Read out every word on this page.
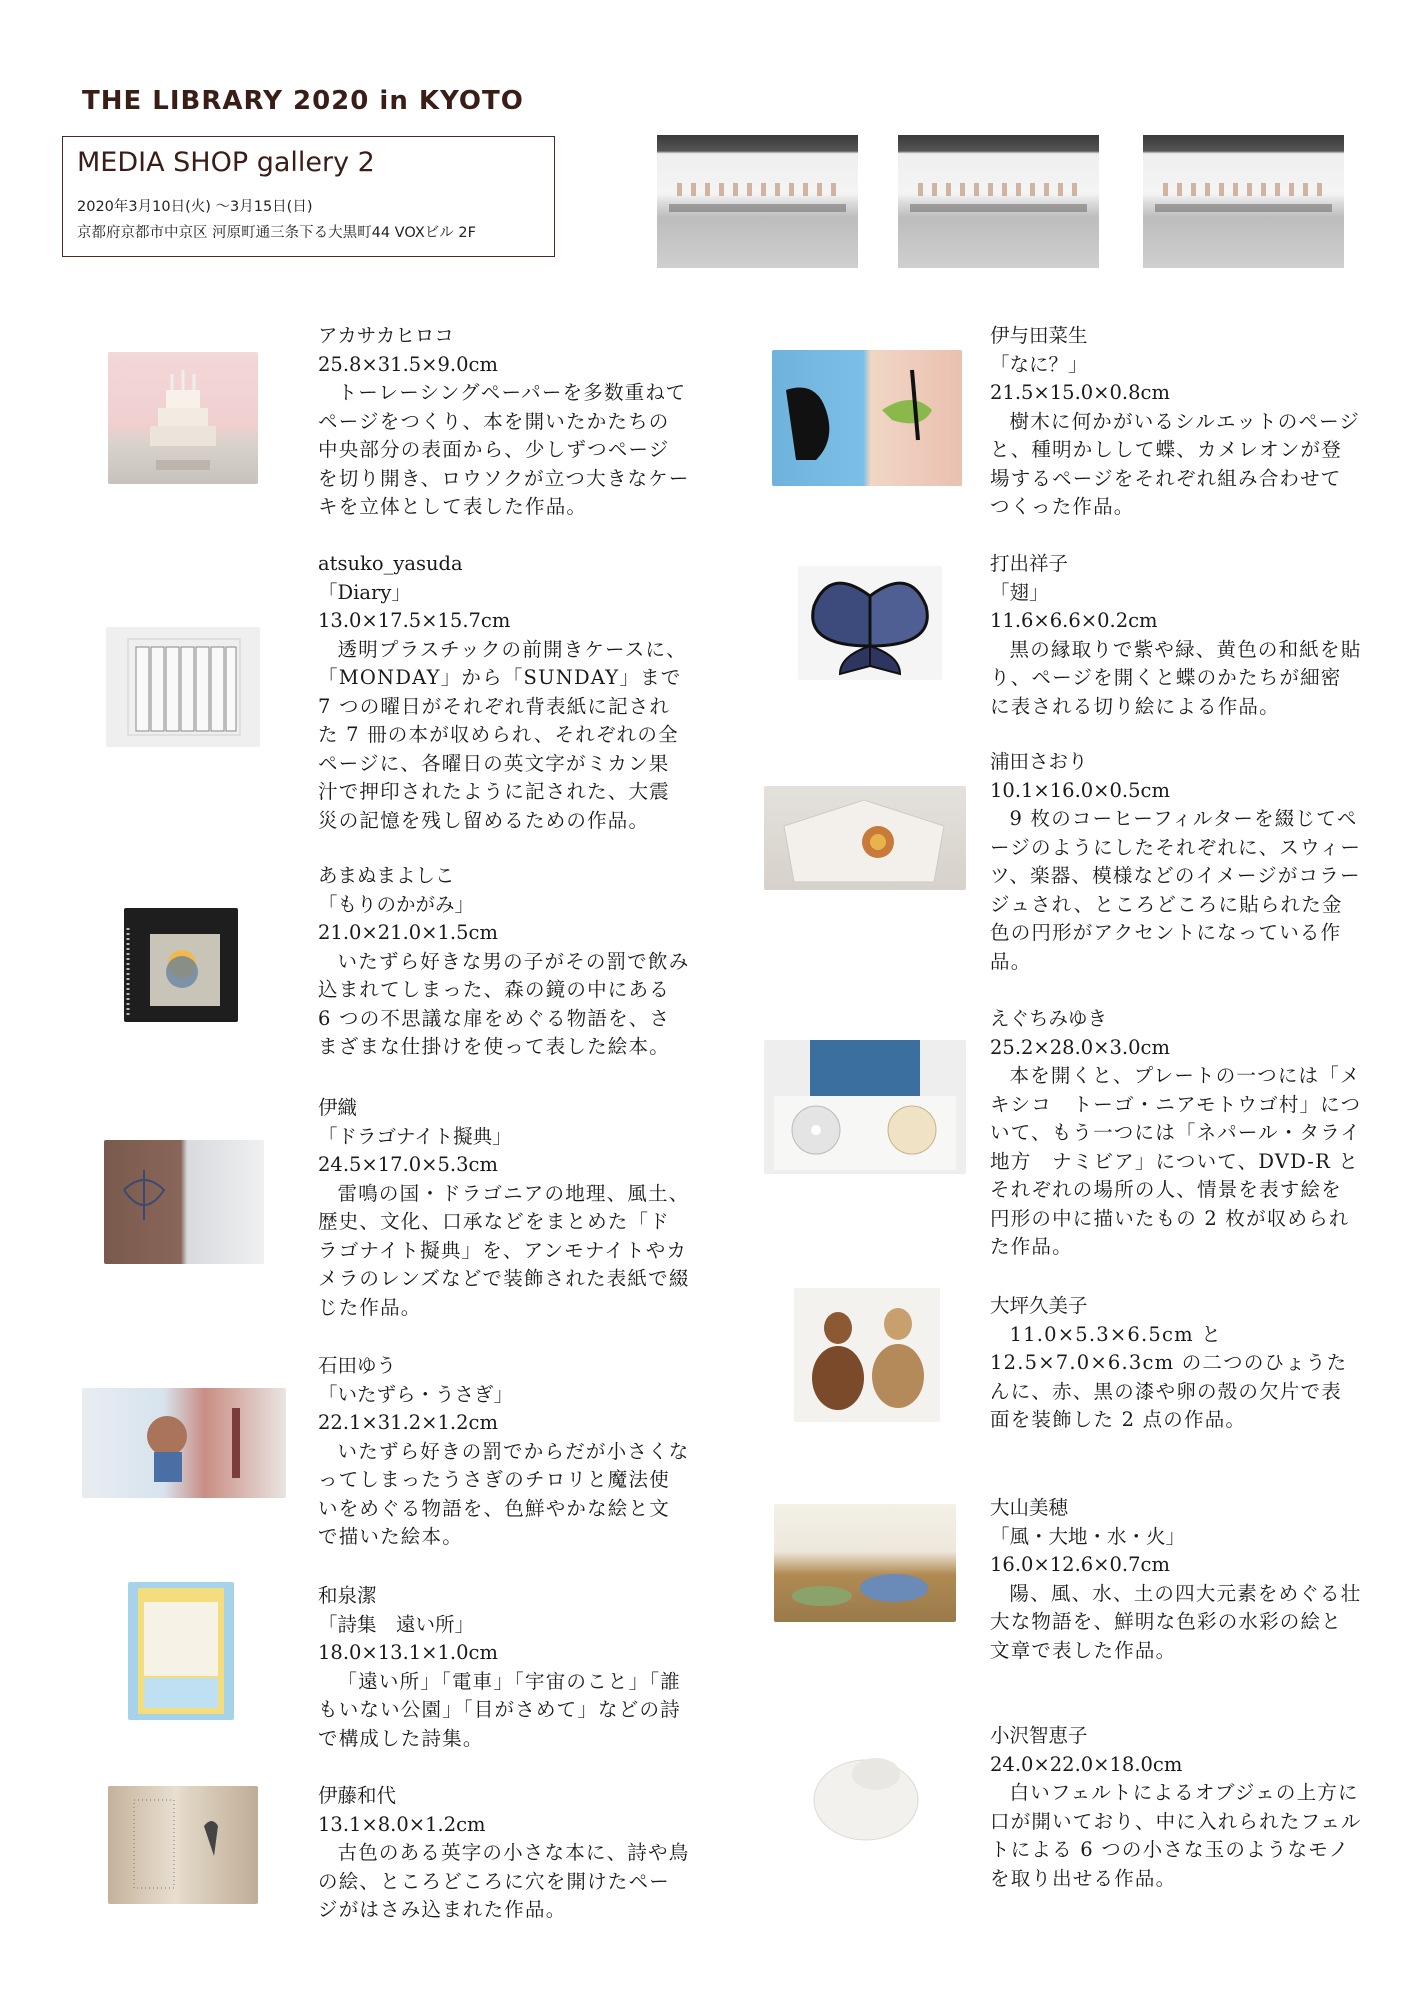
THE LIBRARY 2020 in KYOTO
MEDIA SHOP gallery 2
2020年3月10日(火) ～3月15日(日)
京都府京都市中京区 河原町通三条下る大黒町44 VOXビル 2F
アカサカヒロコ
25.8×31.5×9.0cm
トーレーシングペーパーを多数重ねてページをつくり、本を開いたかたちの中央部分の表面から、少しずつページを切り開き、ロウソクが立つ大きなケーキを立体として表した作品。
atsuko_yasuda
「Diary」
13.0×17.5×15.7cm
透明プラスチックの前開きケースに、「MONDAY」から「SUNDAY」まで 7 つの曜日がそれぞれ背表紙に記された 7 冊の本が収められ、それぞれの全ページに、各曜日の英文字がミカン果汁で押印されたように記された、大震災の記憶を残し留めるための作品。
あまぬまよしこ
「もりのかがみ」
21.0×21.0×1.5cm
いたずら好きな男の子がその罰で飲み込まれてしまった、森の鏡の中にある 6 つの不思議な扉をめぐる物語を、さまざまな仕掛けを使って表した絵本。
伊織
「ドラゴナイト擬典」
24.5×17.0×5.3cm
雷鳴の国・ドラゴニアの地理、風土、歴史、文化、口承などをまとめた「ドラゴナイト擬典」を、アンモナイトやカメラのレンズなどで装飾された表紙で綴じた作品。
石田ゆう
「いたずら・うさぎ」
22.1×31.2×1.2cm
いたずら好きの罰でからだが小さくなってしまったうさぎのチロリと魔法使いをめぐる物語を、色鮮やかな絵と文で描いた絵本。
和泉潔
「詩集　遠い所」
18.0×13.1×1.0cm
「遠い所」「電車」「宇宙のこと」「誰もいない公園」「目がさめて」などの詩で構成した詩集。
伊藤和代
13.1×8.0×1.2cm
古色のある英字の小さな本に、詩や鳥の絵、ところどころに穴を開けたページがはさみ込まれた作品。
伊与田菜生
「なに？」
21.5×15.0×0.8cm
樹木に何かがいるシルエットのページと、種明かしして蝶、カメレオンが登場するページをそれぞれ組み合わせてつくった作品。
打出祥子
「翅」
11.6×6.6×0.2cm
黒の縁取りで紫や緑、黄色の和紙を貼り、ページを開くと蝶のかたちが細密に表される切り絵による作品。
浦田さおり
10.1×16.0×0.5cm
9 枚のコーヒーフィルターを綴じてページのようにしたそれぞれに、スウィーツ、楽器、模様などのイメージがコラージュされ、ところどころに貼られた金色の円形がアクセントになっている作品。
えぐちみゆき
25.2×28.0×3.0cm
本を開くと、プレートの一つには「メキシコ　トーゴ・ニアモトウゴ村」について、もう一つには「ネパール・タライ地方　ナミビア」について、DVD-R とそれぞれの場所の人、情景を表す絵を円形の中に描いたもの 2 枚が収められた作品。
大坪久美子
11.0×5.3×6.5cm と 12.5×7.0×6.3cm の二つのひょうたんに、赤、黒の漆や卵の殻の欠片で表面を装飾した 2 点の作品。
大山美穂
「風・大地・水・火」
16.0×12.6×0.7cm
陽、風、水、土の四大元素をめぐる壮大な物語を、鮮明な色彩の水彩の絵と文章で表した作品。
小沢智恵子
24.0×22.0×18.0cm
白いフェルトによるオブジェの上方に口が開いており、中に入れられたフェルトによる 6 つの小さな玉のようなモノを取り出せる作品。
